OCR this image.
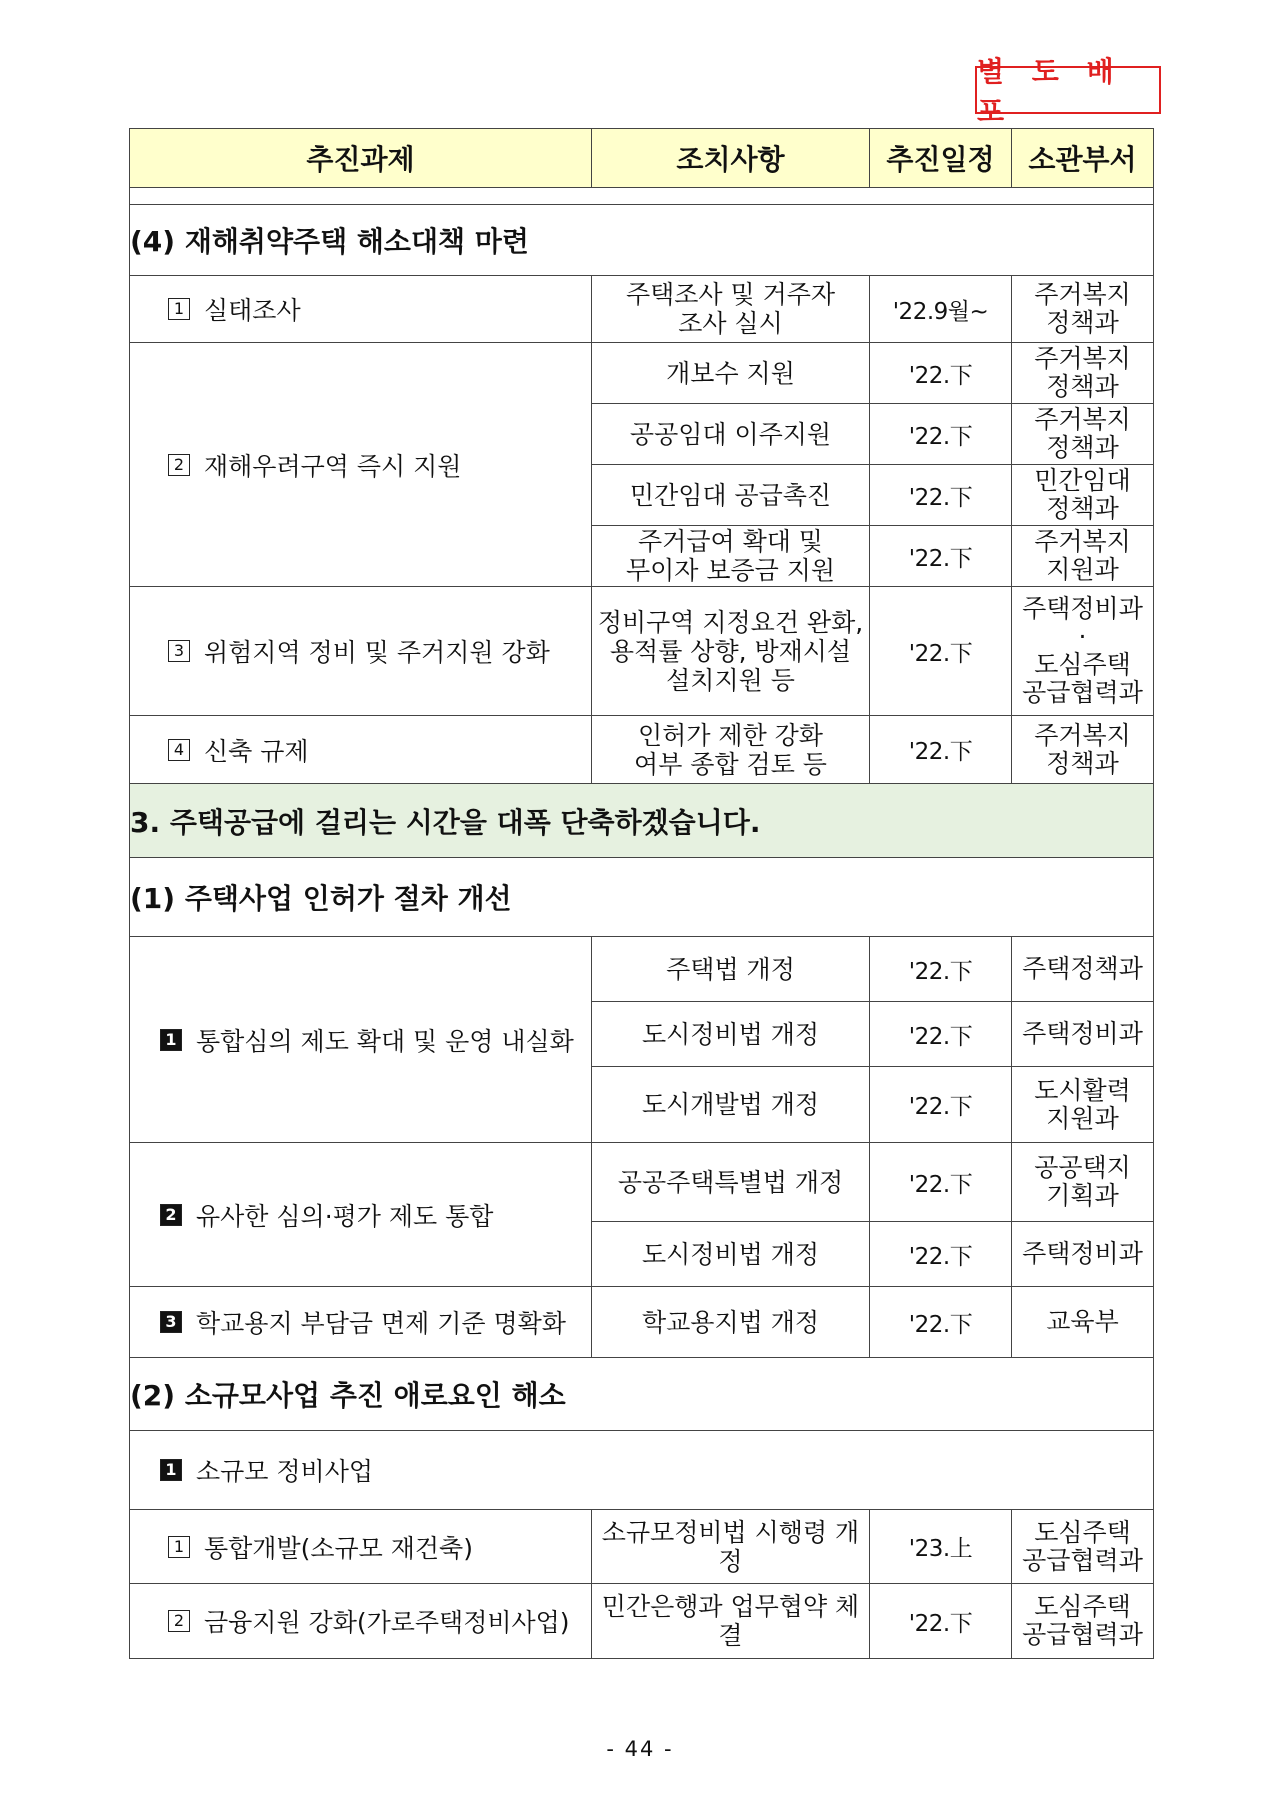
별 도 배 포
추진과제	조치사항	추진일정	소관부서

(4) 재해취약주택 해소대책 마련			

1 실태조사	주택조사 및 거주자
조사 실시	'22.9월~	주거복지
정책과

2 재해우려구역 즉시 지원	개보수 지원	'22.下	주거복지
정책과
	공공임대 이주지원	'22.下	주거복지
정책과
	민간임대 공급촉진	'22.下	민간임대
정책과
	주거급여 확대 및
무이자 보증금 지원	'22.下	주거복지
지원과

3 위험지역 정비 및 주거지원 강화	정비구역 지정요건 완화,
용적률 상향, 방재시설
설치지원 등	'22.下	주택정비과
·
도심주택
공급협력과

4 신축 규제	인허가 제한 강화
여부 종합 검토 등	'22.下	주거복지
정책과
3. 주택공급에 걸리는 시간을 대폭 단축하겠습니다.			
(1) 주택사업 인허가 절차 개선			

1 통합심의 제도 확대 및 운영 내실화	주택법 개정	'22.下	주택정책과
	도시정비법 개정	'22.下	주택정비과
	도시개발법 개정	'22.下	도시활력
지원과

2 유사한 심의·평가 제도 통합	공공주택특별법 개정	'22.下	공공택지
기획과
	도시정비법 개정	'22.下	주택정비과

3 학교용지 부담금 면제 기준 명확화	학교용지법 개정	'22.下	교육부
(2) 소규모사업 추진 애로요인 해소			

1 소규모 정비사업			

1 통합개발(소규모 재건축)	소규모정비법 시행령 개정	'23.上	도심주택
공급협력과

2 금융지원 강화(가로주택정비사업)	민간은행과 업무협약 체결	'22.下	도심주택
공급협력과
- 44 -
